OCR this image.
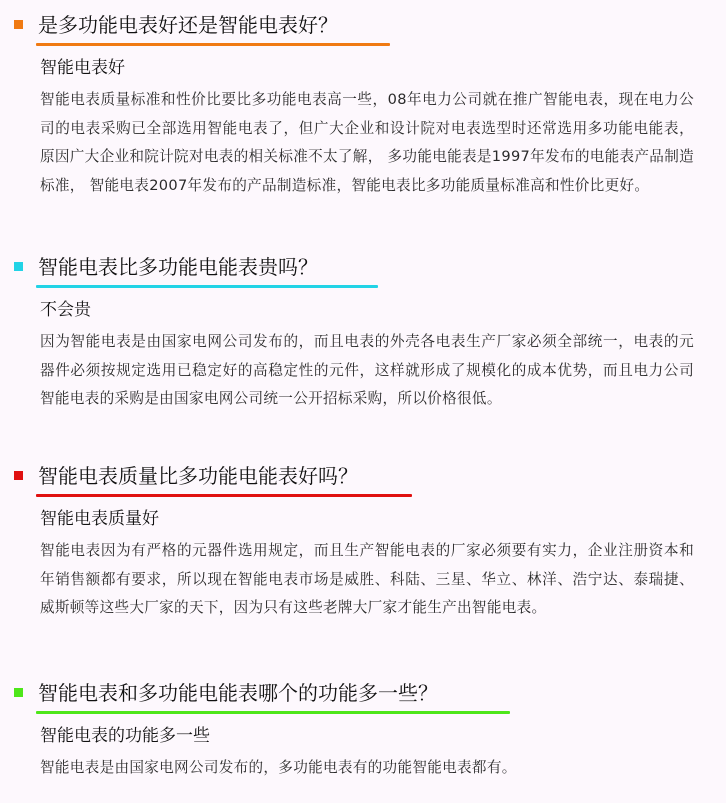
是多功能电表好还是智能电表好？
智能电表好
智能电表质量标准和性价比要比多功能电表高一些，08年电力公司就在推广智能电表，现在电力公司的电表采购已全部选用智能电表了，但广大企业和设计院对电表选型时还常选用多功能电能表，原因广大企业和院计院对电表的相关标准不太了解， 多功能电能表是1997年发布的电能表产品制造标准， 智能电表2007年发布的产品制造标准，智能电表比多功能质量标准高和性价比更好。
智能电表比多功能电能表贵吗？
不会贵
因为智能电表是由国家电网公司发布的，而且电表的外壳各电表生产厂家必须全部统一，电表的元器件必须按规定选用已稳定好的高稳定性的元件，这样就形成了规模化的成本优势，而且电力公司智能电表的采购是由国家电网公司统一公开招标采购，所以价格很低。
智能电表质量比多功能电能表好吗？
智能电表质量好
智能电表因为有严格的元器件选用规定，而且生产智能电表的厂家必须要有实力，企业注册资本和年销售额都有要求，所以现在智能电表市场是威胜、科陆、三星、华立、林洋、浩宁达、泰瑞捷、威斯顿等这些大厂家的天下，因为只有这些老牌大厂家才能生产出智能电表。
智能电表和多功能电能表哪个的功能多一些？
智能电表的功能多一些
智能电表是由国家电网公司发布的，多功能电表有的功能智能电表都有。
